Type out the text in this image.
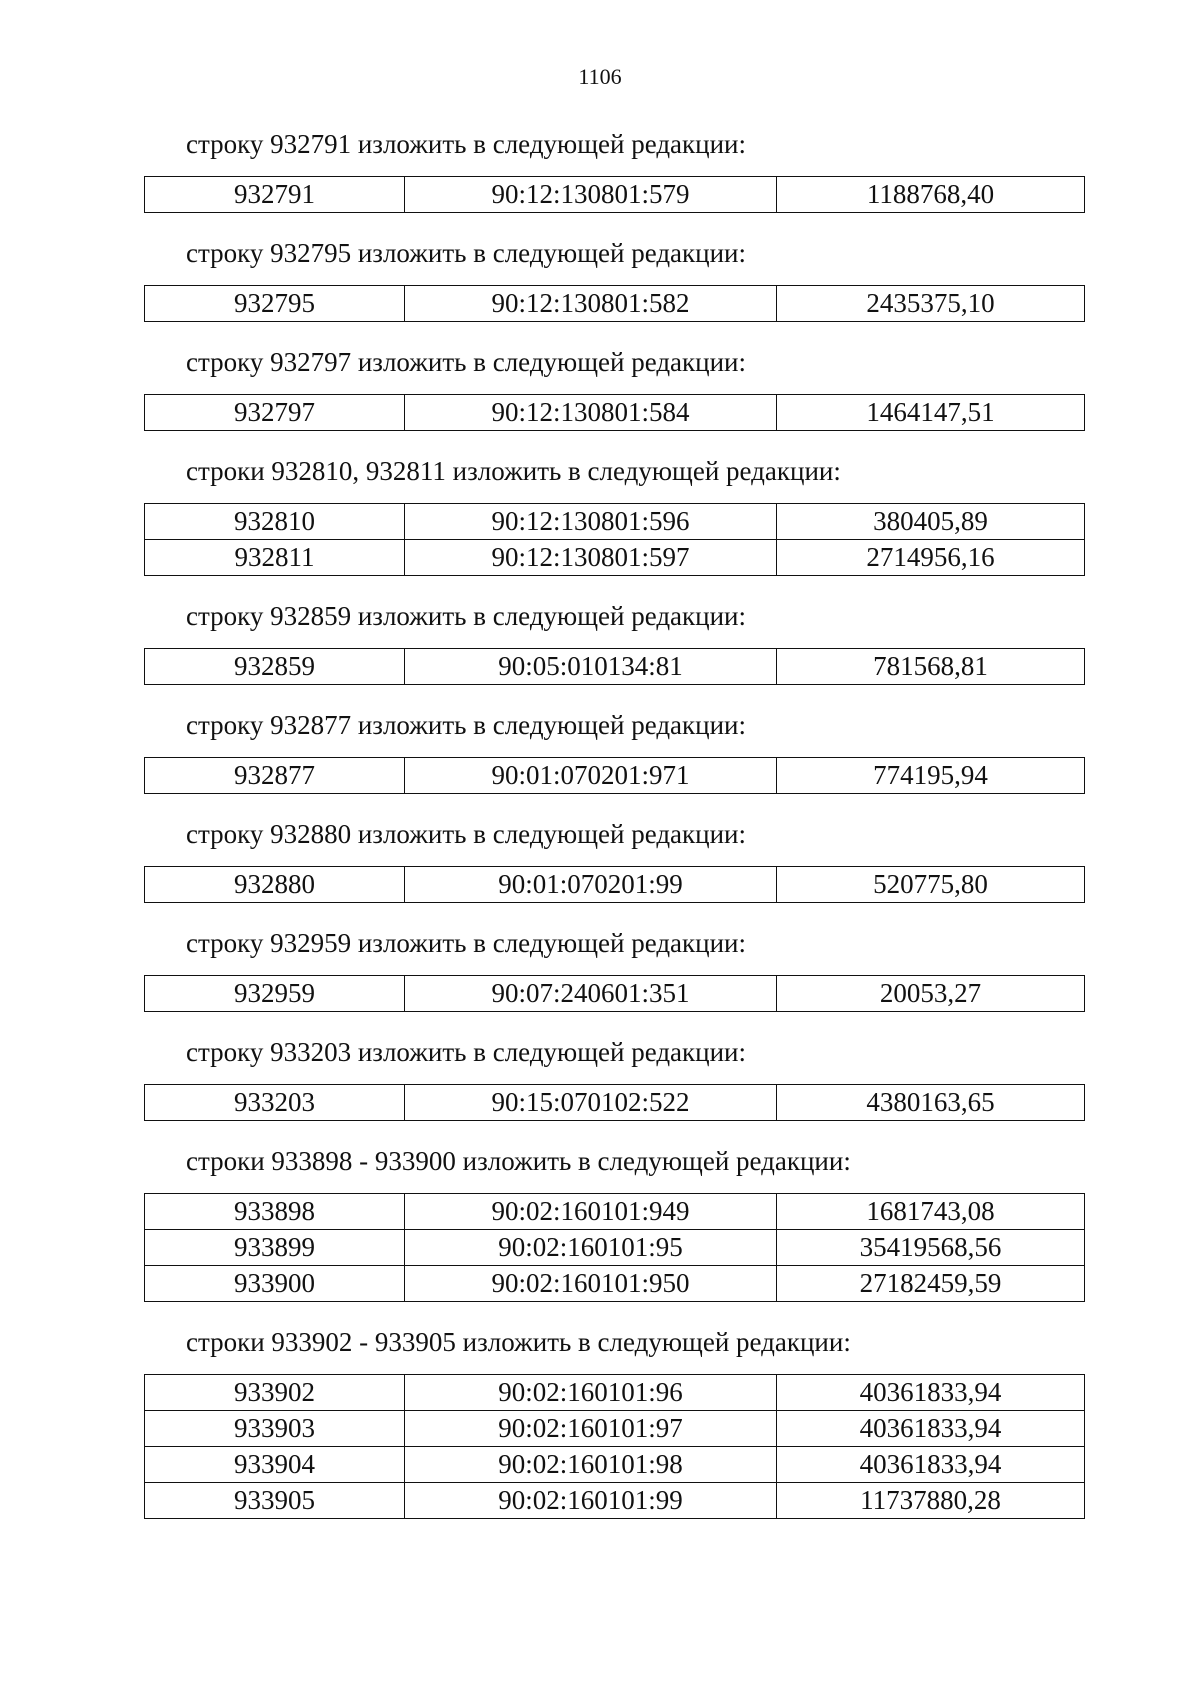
1106
строку 932791 изложить в следующей редакции:
932791	90:12:130801:579	1188768,40
строку 932795 изложить в следующей редакции:
932795	90:12:130801:582	2435375,10
строку 932797 изложить в следующей редакции:
932797	90:12:130801:584	1464147,51
строки 932810, 932811 изложить в следующей редакции:
932810	90:12:130801:596	380405,89
932811	90:12:130801:597	2714956,16
строку 932859 изложить в следующей редакции:
932859	90:05:010134:81	781568,81
строку 932877 изложить в следующей редакции:
932877	90:01:070201:971	774195,94
строку 932880 изложить в следующей редакции:
932880	90:01:070201:99	520775,80
строку 932959 изложить в следующей редакции:
932959	90:07:240601:351	20053,27
строку 933203 изложить в следующей редакции:
933203	90:15:070102:522	4380163,65
строки 933898 - 933900 изложить в следующей редакции:
933898	90:02:160101:949	1681743,08
933899	90:02:160101:95	35419568,56
933900	90:02:160101:950	27182459,59
строки 933902 - 933905 изложить в следующей редакции:
933902	90:02:160101:96	40361833,94
933903	90:02:160101:97	40361833,94
933904	90:02:160101:98	40361833,94
933905	90:02:160101:99	11737880,28
